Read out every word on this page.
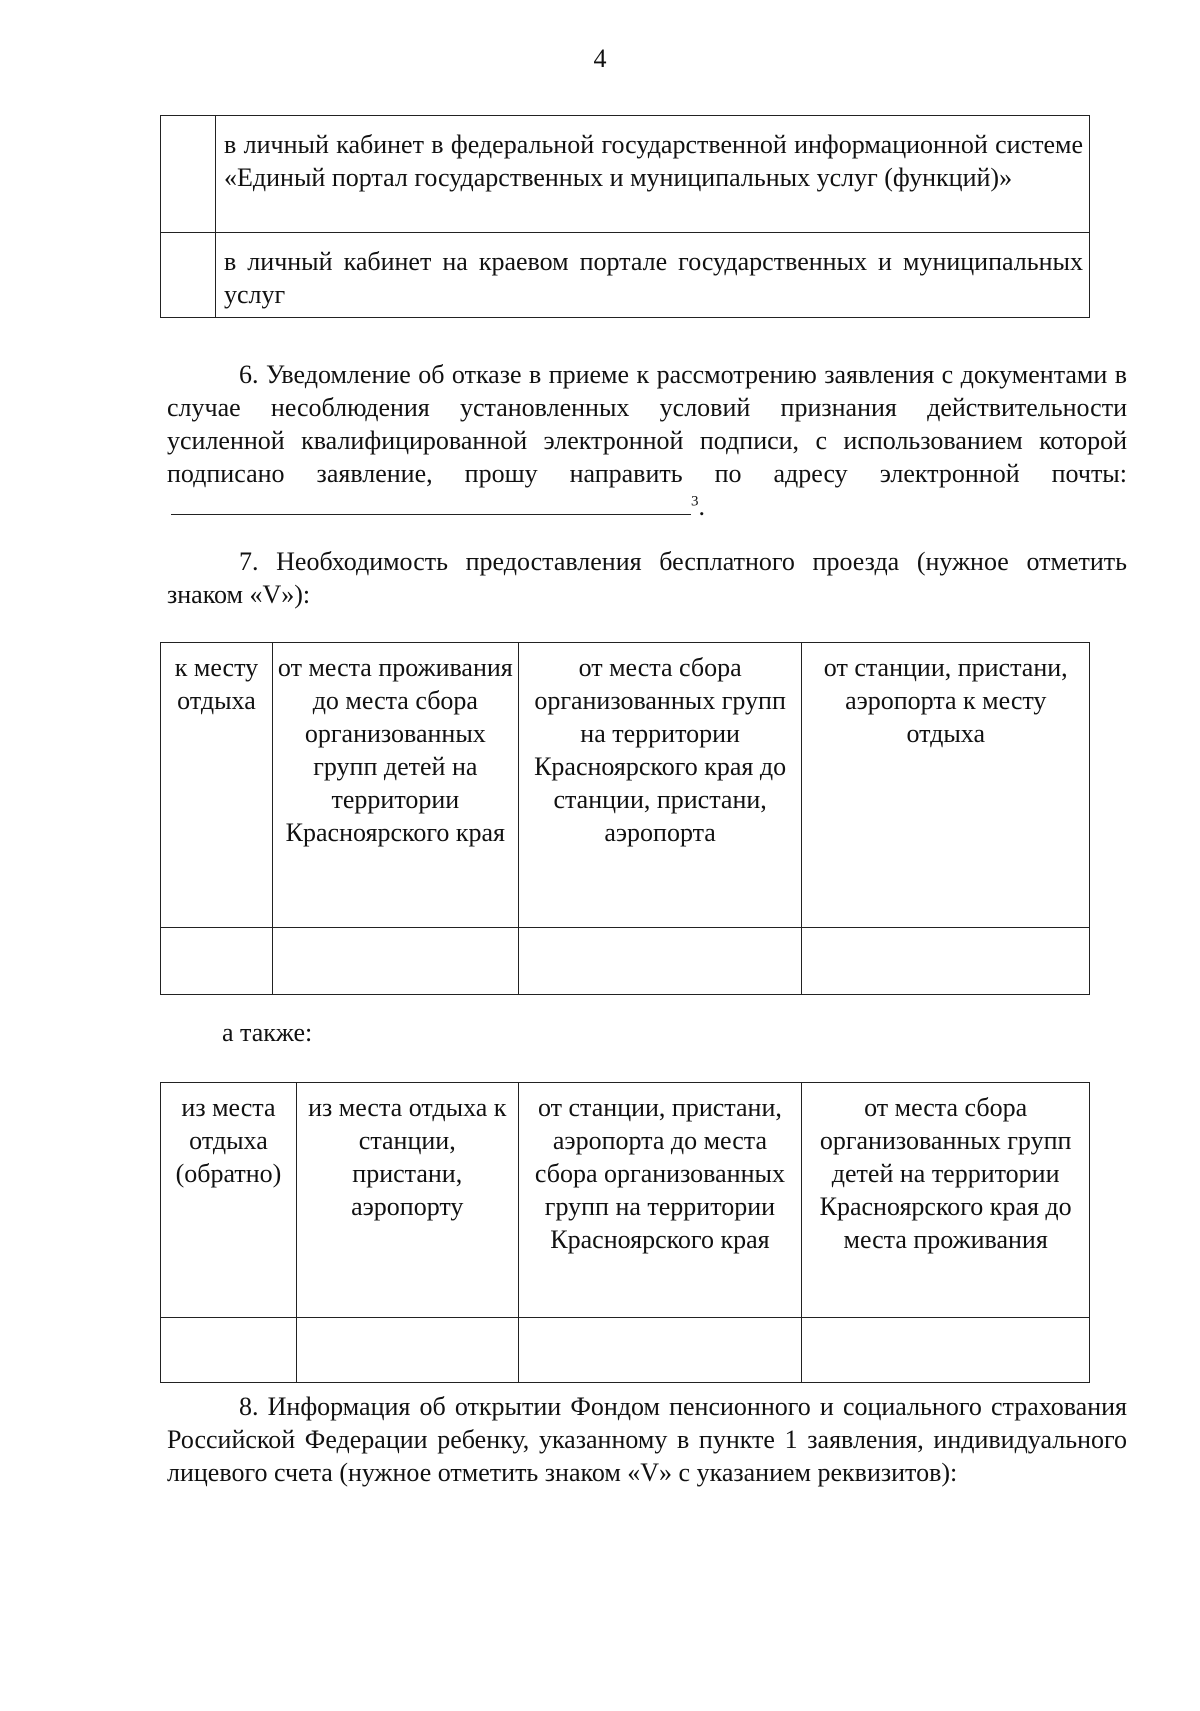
4
	в личный кабинет в федеральной государственной информационной системе «Единый портал государственных и муниципальных услуг (функций)»
	в личный кабинет на краевом портале государственных и муниципальных услуг
6. Уведомление об отказе в приеме к рассмотрению заявления с документами в случае несоблюдения установленных условий признания действительности усиленной квалифицированной электронной подписи, с использованием которой подписано заявление, прошу направить по адресу электронной почты:$^3$.
7. Необходимость предоставления бесплатного проезда (нужное отметить знаком «V»):
к месту отдыха	от места проживания до места сбора организованных групп детей на территории Красноярского края	от места сбора организованных групп на территории Красноярского края до станции, пристани, аэропорта	от станции, пристани, аэропорта к месту отдыха

а также:
из места отдыха (обратно)	из места отдыха к станции, пристани, аэропорту	от станции, пристани, аэропорта до места сбора организованных групп на территории Красноярского края	от места сбора организованных групп детей на территории Красноярского края до места проживания

8. Информация об открытии Фондом пенсионного и социального страхования Российской Федерации ребенку, указанному в пункте 1 заявления, индивидуального лицевого счета (нужное отметить знаком «V» с указанием реквизитов):
